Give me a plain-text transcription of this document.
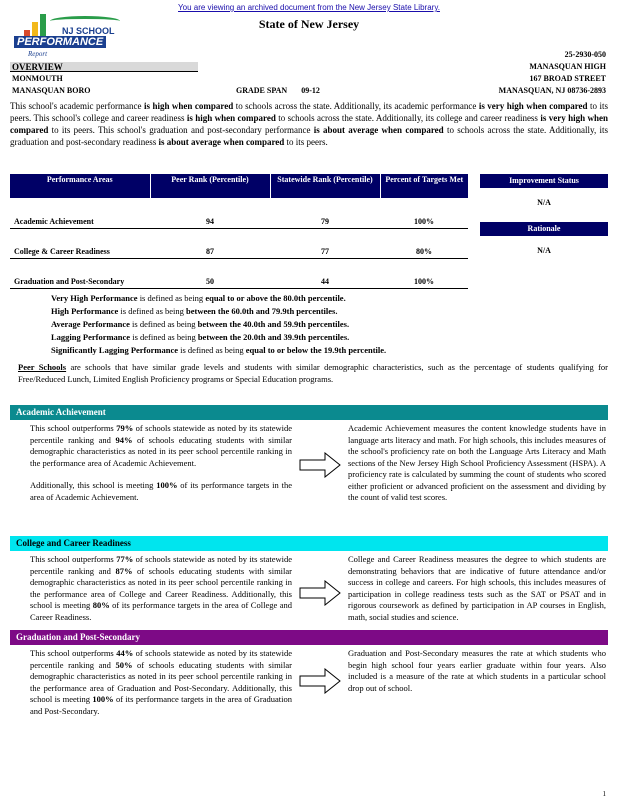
You are viewing an archived document from the New Jersey State Library.
NJ SCHOOL
PERFORMANCE
Report
State of New Jersey
25-2930-050
MANASQUAN HIGH
167 BROAD STREET
MANASQUAN, NJ 08736-2893
OVERVIEW
MONMOUTH
MANASQUAN BORO	GRADE SPAN 09-12
This school's academic performance is high when compared to schools across the state. Additionally, its academic performance is very high when compared to its peers. This school's college and career readiness is high when compared to schools across the state. Additionally, its college and career readiness is very high when compared to its peers. This school's graduation and post-secondary performance is about average when compared to schools across the state. Additionally, its graduation and post-secondary readiness is about average when compared to its peers.
Performance Areas	Peer Rank (Percentile)	Statewide Rank (Percentile)	Percent of Targets Met
Academic Achievement	94	79	100%
College & Career Readiness	87	77	80%
Graduation and Post-Secondary	50	44	100%
Improvement Status
N/A
Rationale
N/A
Very High Performance is defined as being equal to or above the 80.0th percentile.
High Performance is defined as being between the 60.0th and 79.9th percentiles.
Average Performance is defined as being between the 40.0th and 59.9th percentiles.
Lagging Performance is defined as being between the 20.0th and 39.9th percentiles.
Significantly Lagging Performance is defined as being equal to or below the 19.9th percentile.
Peer Schools are schools that have similar grade levels and students with similar demographic characteristics, such as the percentage of students qualifying for Free/Reduced Lunch, Limited English Proficiency programs or Special Education programs.
Academic Achievement

This school outperforms 79% of schools statewide as noted by its statewide percentile ranking and 94% of schools educating students with similar demographic characteristics as noted in its peer school percentile ranking in the performance area of Academic Achievement.

Additionally, this school is meeting 100% of its performance targets in the area of Academic Achievement.

Academic Achievement measures the content knowledge students have in language arts literacy and math. For high schools, this includes measures of the school's proficiency rate on both the Language Arts Literacy and Math sections of the New Jersey High School Proficiency Assessment (HSPA). A proficiency rate is calculated by summing the count of students who scored either proficient or advanced proficient on the assessment and dividing by the count of valid test scores.
College and Career Readiness

This school outperforms 77% of schools statewide as noted by its statewide percentile ranking and 87% of schools educating students with similar demographic characteristics as noted in its peer school percentile ranking in the performance area of College and Career Readiness. Additionally, this school is meeting 80% of its performance targets in the area of College and Career Readiness.

College and Career Readiness measures the degree to which students are demonstrating behaviors that are indicative of future attendance and/or success in college and careers. For high schools, this includes measures of participation in college readiness tests such as the SAT or PSAT and in rigorous coursework as defined by participation in AP courses in English, math, social studies and science.
Graduation and Post-Secondary

This school outperforms 44% of schools statewide as noted by its statewide percentile ranking and 50% of schools educating students with similar demographic characteristics as noted in its peer school percentile ranking in the performance area of Graduation and Post-Secondary. Additionally, this school is meeting 100% of its performance targets in the area of Graduation and Post-Secondary.

Graduation and Post-Secondary measures the rate at which students who begin high school four years earlier graduate within four years. Also included is a measure of the rate at which students in a particular school drop out of school.
1
